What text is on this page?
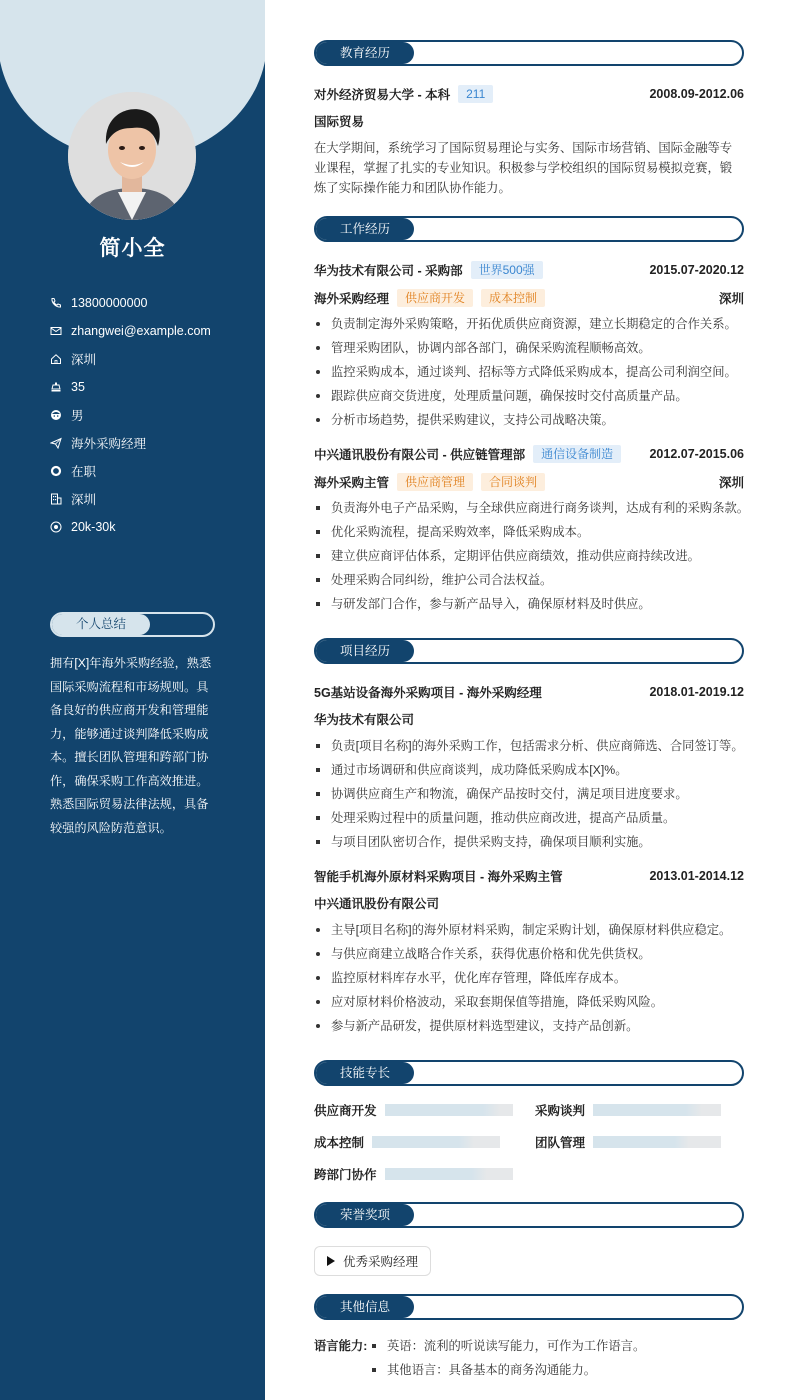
简小全
13800000000
zhangwei@example.com
深圳
35
男
海外采购经理
在职
深圳
20k-30k
个人总结
拥有[X]年海外采购经验，熟悉国际采购流程和市场规则。具备良好的供应商开发和管理能力，能够通过谈判降低采购成本。擅长团队管理和跨部门协作，确保采购工作高效推进。熟悉国际贸易法律法规，具备较强的风险防范意识。
教育经历
对外经济贸易大学 - 本科	211	2008.09-2012.06
国际贸易

在大学期间，系统学习了国际贸易理论与实务、国际市场营销、国际金融等专业课程，掌握了扎实的专业知识。积极参与学校组织的国际贸易模拟竞赛，锻炼了实际操作能力和团队协作能力。

工作经历
华为技术有限公司 - 采购部	世界500强	2015.07-2020.12
海外采购经理	供应商开发	成本控制	深圳
负责制定海外采购策略，开拓优质供应商资源，建立长期稳定的合作关系。
管理采购团队，协调内部各部门，确保采购流程顺畅高效。
监控采购成本，通过谈判、招标等方式降低采购成本，提高公司利润空间。
跟踪供应商交货进度，处理质量问题，确保按时交付高质量产品。
分析市场趋势，提供采购建议，支持公司战略决策。
中兴通讯股份有限公司 - 供应链管理部	通信设备制造	2012.07-2015.06
海外采购主管	供应商管理	合同谈判	深圳
负责海外电子产品采购，与全球供应商进行商务谈判，达成有利的采购条款。
优化采购流程，提高采购效率，降低采购成本。
建立供应商评估体系，定期评估供应商绩效，推动供应商持续改进。
处理采购合同纠纷，维护公司合法权益。
与研发部门合作，参与新产品导入，确保原材料及时供应。
项目经历
5G基站设备海外采购项目 - 海外采购经理	2018.01-2019.12
华为技术有限公司
负责[项目名称]的海外采购工作，包括需求分析、供应商筛选、合同签订等。
通过市场调研和供应商谈判，成功降低采购成本[X]%。
协调供应商生产和物流，确保产品按时交付，满足项目进度要求。
处理采购过程中的质量问题，推动供应商改进，提高产品质量。
与项目团队密切合作，提供采购支持，确保项目顺利实施。
智能手机海外原材料采购项目 - 海外采购主管	2013.01-2014.12
中兴通讯股份有限公司
主导[项目名称]的海外原材料采购，制定采购计划，确保原材料供应稳定。
与供应商建立战略合作关系，获得优惠价格和优先供货权。
监控原材料库存水平，优化库存管理，降低库存成本。
应对原材料价格波动，采取套期保值等措施，降低采购风险。
参与新产品研发，提供原材料选型建议，支持产品创新。
技能专长
供应商开发	采购谈判
成本控制	团队管理
跨部门协作
荣誉奖项
优秀采购经理
其他信息
语言能力:	英语：流利的听说读写能力，可作为工作语言。
其他语言：具备基本的商务沟通能力。
